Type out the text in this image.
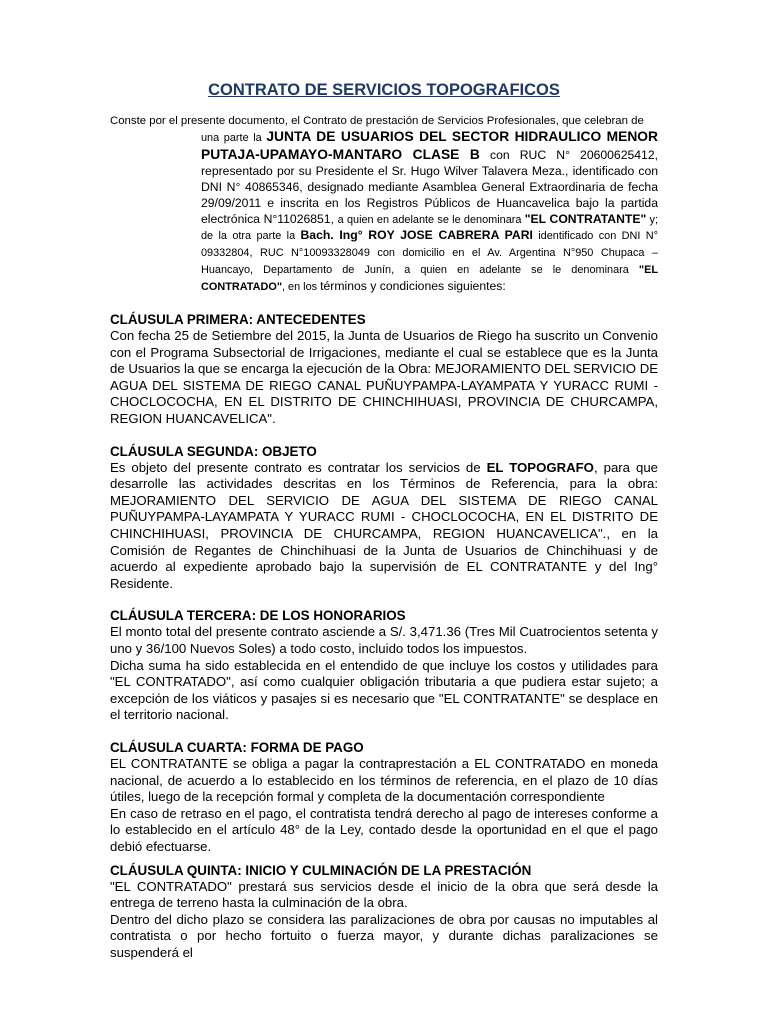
CONTRATO DE SERVICIOS TOPOGRAFICOS

Conste por el presente documento, el Contrato de prestación de Servicios Profesionales, que celebran de

una parte la JUNTA DE USUARIOS DEL SECTOR HIDRAULICO MENOR PUTAJA-UPAMAYO-MANTARO CLASE B con RUC N° 20600625412, representado por su Presidente el Sr. Hugo Wilver Talavera Meza., identificado con DNI N° 40865346, designado mediante Asamblea General Extraordinaria de fecha 29/09/2011 e inscrita en los Registros Públicos de Huancavelica bajo la partida electrónica N°11026851, a quien en adelante se le denominara "EL CONTRATANTE" y; de la otra parte la Bach. Ing° ROY JOSE CABRERA PARI identificado con DNI N° 09332804, RUC N°10093328049 con domicilio en el Av. Argentina N°950 Chupaca – Huancayo, Departamento de Junín, a quien en adelante se le denominara "EL CONTRATADO", en los términos y condiciones siguientes:
CLÁUSULA PRIMERA: ANTECEDENTES

Con fecha 25 de Setiembre del 2015, la Junta de Usuarios de Riego ha suscrito un Convenio con el Programa Subsectorial de Irrigaciones, mediante el cual se establece que es la Junta de Usuarios la que se encarga la ejecución de la Obra: MEJORAMIENTO DEL SERVICIO DE AGUA DEL SISTEMA DE RIEGO CANAL PUÑUYPAMPA-LAYAMPATA Y YURACC RUMI - CHOCLOCOCHA, EN EL DISTRITO DE CHINCHIHUASI, PROVINCIA DE CHURCAMPA, REGION HUANCAVELICA".

CLÁUSULA SEGUNDA: OBJETO

Es objeto del presente contrato es contratar los servicios de EL TOPOGRAFO, para que desarrolle las actividades descritas en los Términos de Referencia, para la obra: MEJORAMIENTO DEL SERVICIO DE AGUA DEL SISTEMA DE RIEGO CANAL PUÑUYPAMPA-LAYAMPATA Y YURACC RUMI - CHOCLOCOCHA, EN EL DISTRITO DE CHINCHIHUASI, PROVINCIA DE CHURCAMPA, REGION HUANCAVELICA"., en la Comisión de Regantes de Chinchihuasi de la Junta de Usuarios de Chinchihuasi y de acuerdo al expediente aprobado bajo la supervisión de EL CONTRATANTE y del Ing° Residente.

CLÁUSULA TERCERA: DE LOS HONORARIOS

El monto total del presente contrato asciende a S/. 3,471.36 (Tres Mil Cuatrocientos setenta y uno y 36/100 Nuevos Soles) a todo costo, incluido todos los impuestos.

Dicha suma ha sido establecida en el entendido de que incluye los costos y utilidades para "EL CONTRATADO", así como cualquier obligación tributaria a que pudiera estar sujeto; a excepción de los viáticos y pasajes si es necesario que "EL CONTRATANTE" se desplace en el territorio nacional.

CLÁUSULA CUARTA: FORMA DE PAGO

EL CONTRATANTE se obliga a pagar la contraprestación a EL CONTRATADO en moneda nacional, de acuerdo a lo establecido en los términos de referencia, en el plazo de 10 días útiles, luego de la recepción formal y completa de la documentación correspondiente

En caso de retraso en el pago, el contratista tendrá derecho al pago de intereses conforme a lo establecido en el artículo 48° de la Ley, contado desde la oportunidad en el que el pago debió efectuarse.

CLÁUSULA QUINTA: INICIO Y CULMINACIÓN DE LA PRESTACIÓN

"EL CONTRATADO" prestará sus servicios desde el inicio de la obra que será desde la entrega de terreno hasta la culminación de la obra.

Dentro del dicho plazo se considera las paralizaciones de obra por causas no imputables al contratista o por hecho fortuito o fuerza mayor, y durante dichas paralizaciones se suspenderá el
